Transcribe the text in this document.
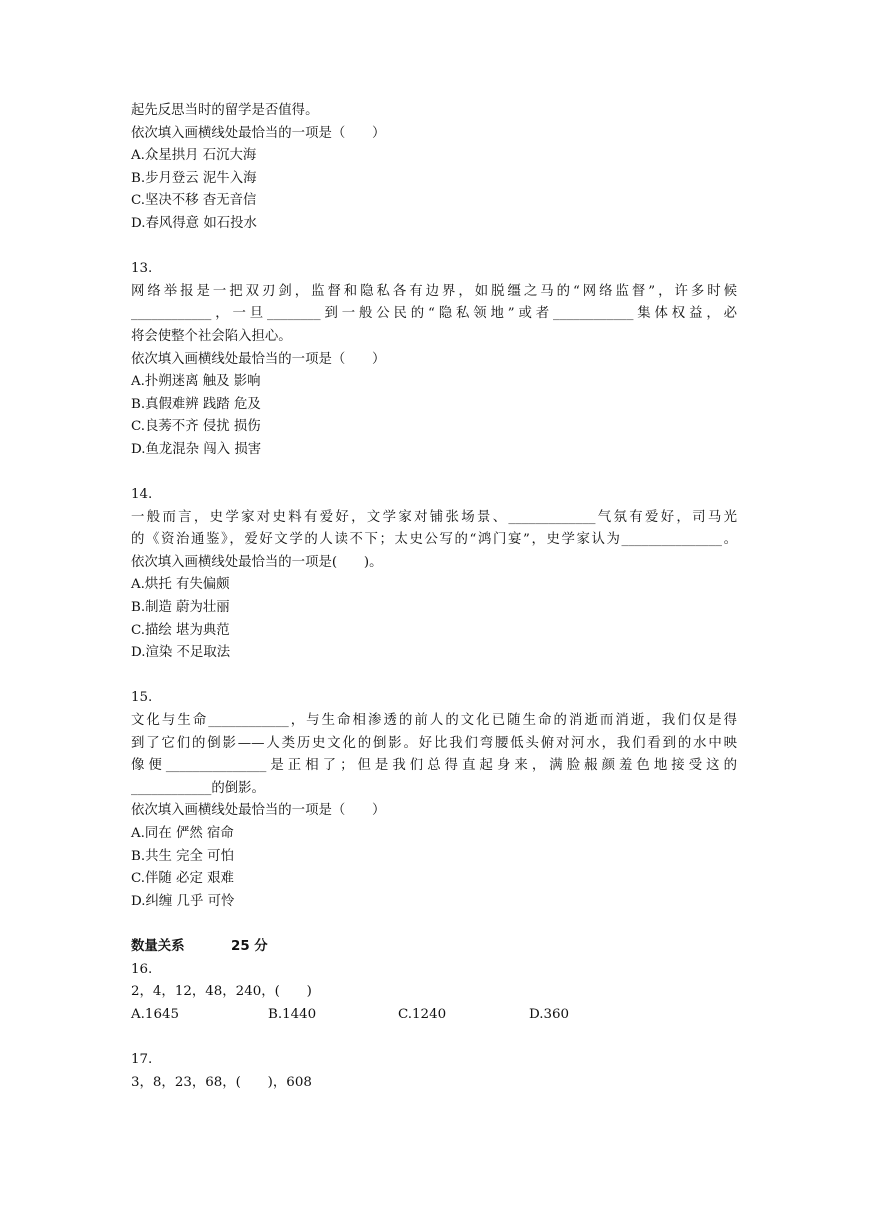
起先反思当时的留学是否值得。
依次填入画横线处最恰当的一项是（　　）
A.众星拱月 石沉大海
B.步月登云 泥牛入海
C.坚决不移 杳无音信
D.春风得意 如石投水
13.
网络举报是一把双刃剑，监督和隐私各有边界，如脱缰之马的“网络监督”，许多时候
____________，一旦________到一般公民的“隐私领地”或者____________集体权益，必
将会使整个社会陷入担心。
依次填入画横线处最恰当的一项是（　　）
A.扑朔迷离 触及 影响
B.真假难辨 践踏 危及
C.良莠不齐 侵扰 损伤
D.鱼龙混杂 闯入 损害
14.
一般而言，史学家对史料有爱好，文学家对铺张场景、_____________气氛有爱好，司马光
的《资治通鉴》，爱好文学的人读不下；太史公写的“鸿门宴”，史学家认为_______________。
依次填入画横线处最恰当的一项是(　　)。
A.烘托 有失偏颇
B.制造 蔚为壮丽
C.描绘 堪为典范
D.渲染 不足取法
15.
文化与生命____________，与生命相渗透的前人的文化已随生命的消逝而消逝，我们仅是得
到了它们的倒影——人类历史文化的倒影。好比我们弯腰低头俯对河水，我们看到的水中映
像便_______________是正相了；但是我们总得直起身来，满脸赧颜羞色地接受这的
____________的倒影。
依次填入画横线处最恰当的一项是（　　）
A.同在 俨然 宿命
B.共生 完全 可怕
C.伴随 必定 艰难
D.纠缠 几乎 可怜
数量关系	25 分
16.
2，4，12，48，240，(　　)
A.1645	B.1440	C.1240	D.360
17.
3，8，23，68，(　　)，608
